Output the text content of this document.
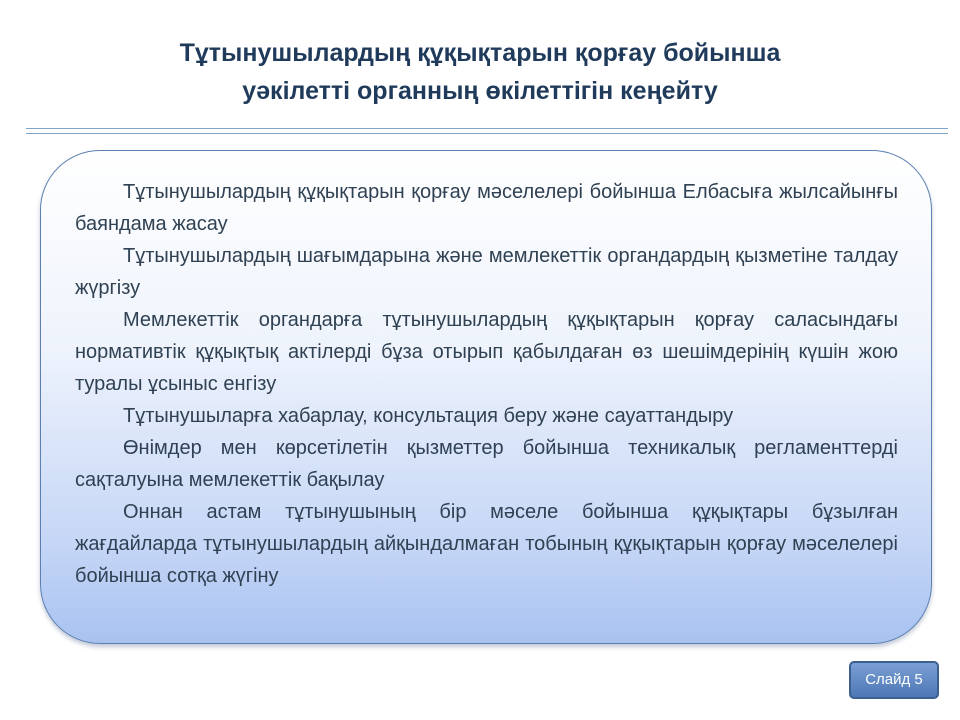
Тұтынушылардың құқықтарын қорғау бойынша
уәкілетті органның өкілеттігін кеңейту
Тұтынушылардың құқықтарын қорғау мәселелері бойынша Елбасыға жылсайынғы баяндама жасау
Тұтынушылардың шағымдарына және мемлекеттік органдардың қызметіне талдау жүргізу
Мемлекеттік органдарға тұтынушылардың құқықтарын қорғау саласындағы нормативтік құқықтық актілерді бұза отырып қабылдаған өз шешімдерінің күшін жою туралы ұсыныс енгізу
Тұтынушыларға хабарлау, консультация беру және сауаттандыру
Өнімдер мен көрсетілетін қызметтер бойынша техникалық регламенттерді сақталуына мемлекеттік бақылау
Оннан астам тұтынушының бір мәселе бойынша құқықтары бұзылған жағдайларда тұтынушылардың айқындалмаған тобының құқықтарын қорғау мәселелері бойынша сотқа жүгіну
Слайд 5
